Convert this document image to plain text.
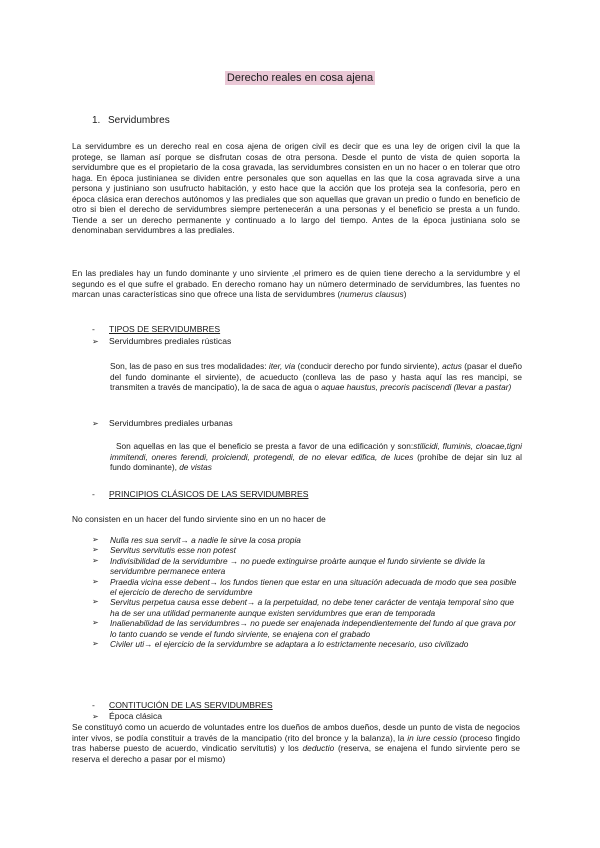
Derecho reales en cosa ajena
1. Servidumbres

La servidumbre es un derecho real en cosa ajena de origen civil es decir que es una ley de origen civil la que la protege, se llaman así porque se disfrutan cosas de otra persona. Desde el punto de vista de quien soporta la servidumbre que es el propietario de la cosa gravada, las servidumbres consisten en un no hacer o en tolerar que otro haga. En época justinianea se dividen entre personales que son aquellas en las que la cosa agravada sirve a una persona y justiniano son usufructo habitación, y esto hace que la acción que los proteja sea la confesoria, pero en época clásica eran derechos autónomos y las prediales que son aquellas que gravan un predio o fundo en beneficio de otro si bien el derecho de servidumbres siempre pertenecerán a una personas y el beneficio se presta a un fundo. Tiende a ser un derecho permanente y continuado a lo largo del tiempo. Antes de la época justiniana solo se denominaban servidumbres a las prediales.

En las prediales hay un fundo dominante y uno sirviente ,el primero es de quien tiene derecho a la servidumbre y el segundo es el que sufre el grabado. En derecho romano hay un número determinado de servidumbres, las fuentes no marcan unas características sino que ofrece una lista de servidumbres (numerus clausus)

- TIPOS DE SERVIDUMBRES
➢ Servidumbres prediales rústicas
Son, las de paso en sus tres modalidades: iter, via (conducir derecho por fundo sirviente), actus (pasar el dueño del fundo dominante el sirviente), de acueducto (conlleva las de paso y hasta aquí las res mancipi, se transmiten a través de mancipatio), la de saca de agua o aquae haustus, precoris paciscendi (llevar a pastar)
➢ Servidumbres prediales urbanas
Son aquellas en las que el beneficio se presta a favor de una edificación y son:stilicidi, fluminis, cloacae,tigni immitendi, oneres ferendi, proiciendi, protegendi, de no elevar edifica, de luces (prohíbe de dejar sin luz al fundo dominante), de vistas
- PRINCIPIOS CLÁSICOS DE LAS SERVIDUMBRES

No consisten en un hacer del fundo sirviente sino en un no hacer de

➢ Nulla res sua servit→ a nadie le sirve la cosa propia
➢ Servitus servitutis esse non potest
➢ Indivisibilidad de la servidumbre → no puede extinguirse proàrte aunque el fundo sirviente se divide la servidumbre permanece entera
➢ Praedia vicina esse debent→ los fundos tienen que estar en una situación adecuada de modo que sea posible el ejercicio de derecho de servidumbre
➢ Servitus perpetua causa esse debent→ a la perpetuidad, no debe tener carácter de ventaja temporal sino que ha de ser una utilidad permanente aunque existen servidumbres que eran de temporada
➢ Inalienabilidad de las servidumbres→ no puede ser enajenada independientemente del fundo al que grava por lo tanto cuando se vende el fundo sirviente, se enajena con el grabado
➢ Civiler uti→ el ejercicio de la servidumbre se adaptara a lo estrictamente necesario, uso civilizado
- CONTITUCIÓN DE LAS SERVIDUMBRES
➢ Época clásica

Se constituyó como un acuerdo de voluntades entre los dueños de ambos dueños, desde un punto de vista de negocios inter vivos, se podía constituir a través de la mancipatio (rito del bronce y la balanza), la in iure cessio (proceso fingido tras haberse puesto de acuerdo, vindicatio servitutis) y los deductio (reserva, se enajena el fundo sirviente pero se reserva el derecho a pasar por el mismo)
